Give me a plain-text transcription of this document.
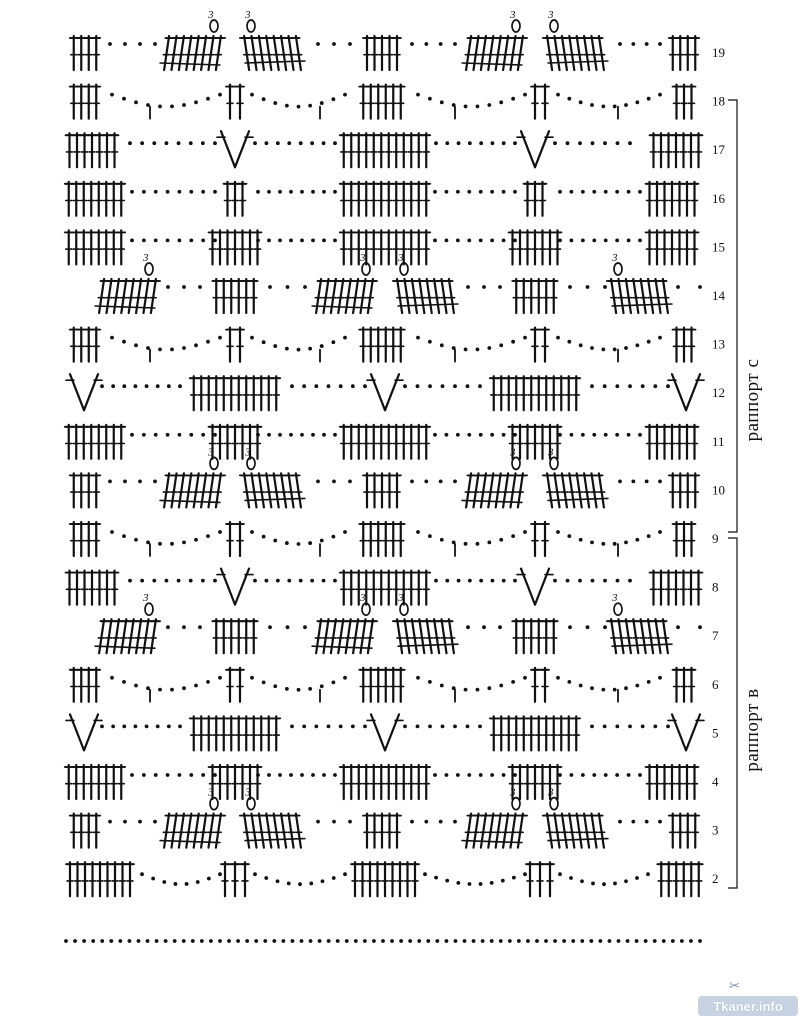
3	3	3	3
3	3	3	3
3	3	3	3
3	3	3	3
3	3	3	3
19
18
17
16
15
14
13
12
11
10
9
8
7
6
5
4
3
2
раппорт с
раппорт в
✂
Tkaner.info
